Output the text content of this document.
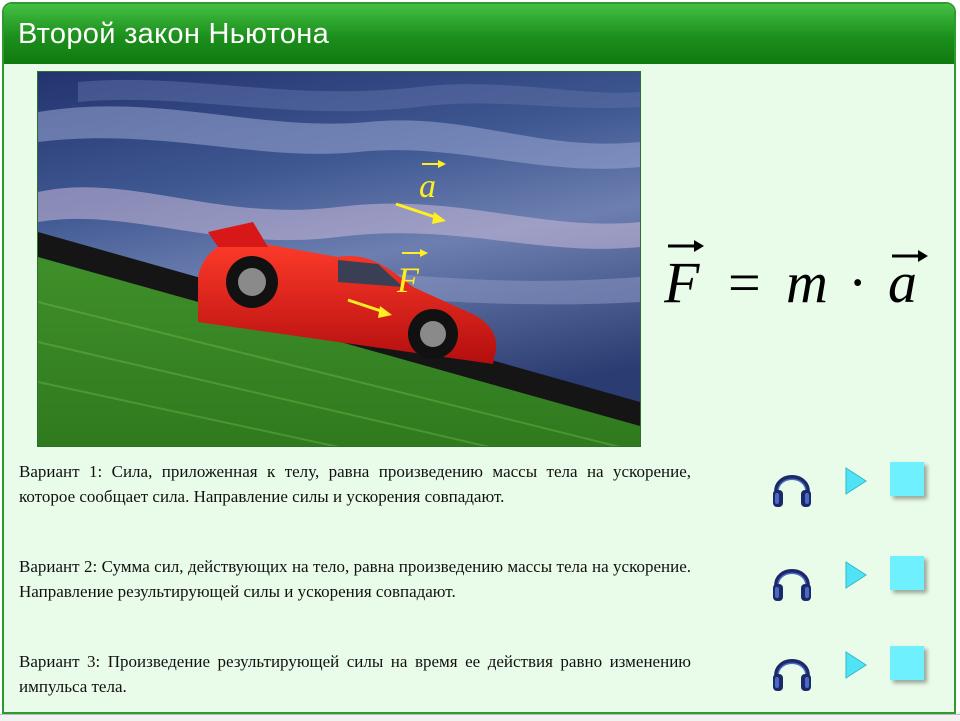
Второй закон Ньютона
a
F	F = m · a
Вариант 1: Сила, приложенная к телу, равна произведению массы тела на ускорение, которое сообщает сила. Направление силы и ускорения совпадают.
Вариант 2: Сумма сил, действующих на тело, равна произведению массы тела на ускорение. Направление результирующей силы и ускорения совпадают.
Вариант 3: Произведение результирующей силы на время ее действия равно изменению импульса тела.
